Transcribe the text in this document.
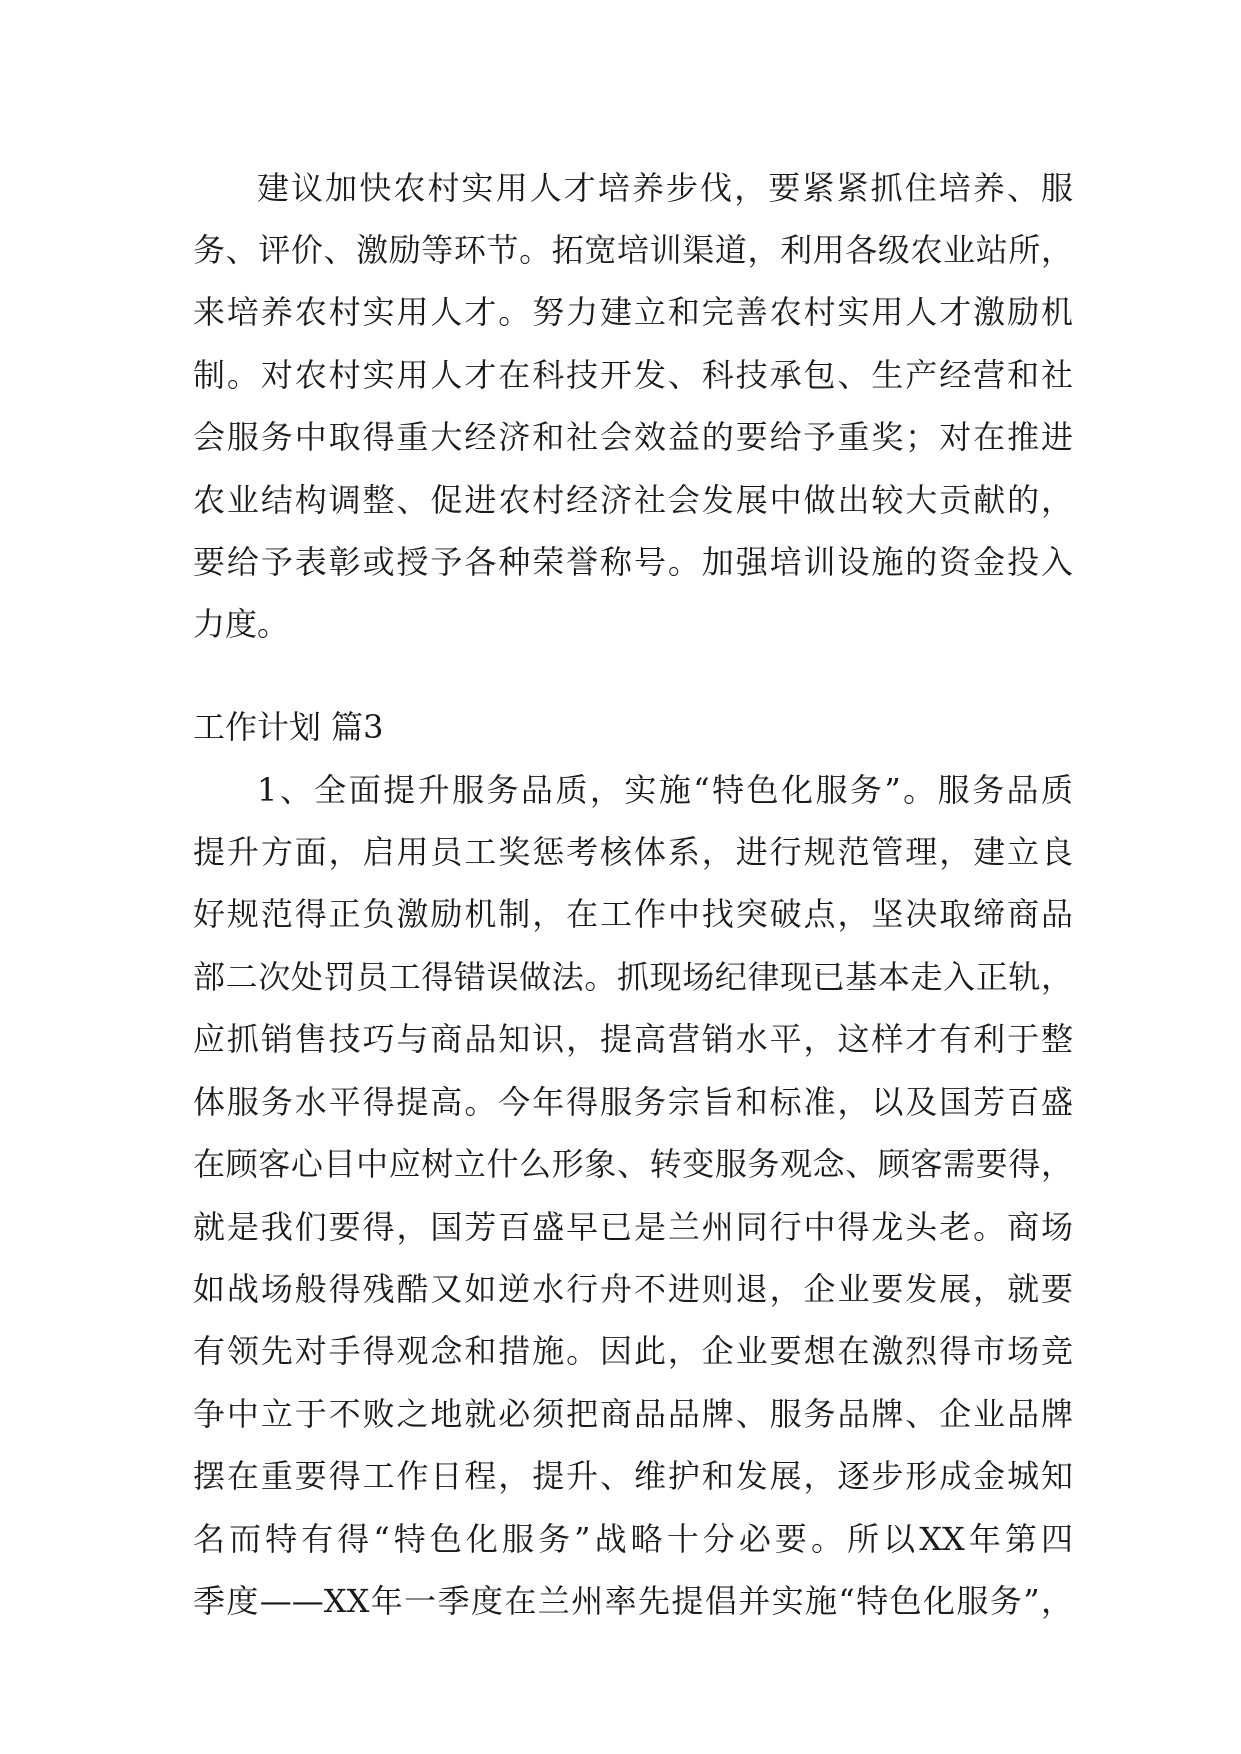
建议加快农村实用人才培养步伐，要紧紧抓住培养、服
务、评价、激励等环节。拓宽培训渠道，利用各级农业站所，
来培养农村实用人才。努力建立和完善农村实用人才激励机
制。对农村实用人才在科技开发、科技承包、生产经营和社
会服务中取得重大经济和社会效益的要给予重奖；对在推进
农业结构调整、促进农村经济社会发展中做出较大贡献的，
要给予表彰或授予各种荣誉称号。加强培训设施的资金投入
力度。
工作计划 篇3
1、全面提升服务品质，实施“特色化服务”。服务品质
提升方面，启用员工奖惩考核体系，进行规范管理，建立良
好规范得正负激励机制，在工作中找突破点，坚决取缔商品
部二次处罚员工得错误做法。抓现场纪律现已基本走入正轨，
应抓销售技巧与商品知识，提高营销水平，这样才有利于整
体服务水平得提高。今年得服务宗旨和标准，以及国芳百盛
在顾客心目中应树立什么形象、转变服务观念、顾客需要得，
就是我们要得，国芳百盛早已是兰州同行中得龙头老。商场
如战场般得残酷又如逆水行舟不进则退，企业要发展，就要
有领先对手得观念和措施。因此，企业要想在激烈得市场竞
争中立于不败之地就必须把商品品牌、服务品牌、企业品牌
摆在重要得工作日程，提升、维护和发展，逐步形成金城知
名而特有得“特色化服务”战略十分必要。所以XX年第四
季度——XX年一季度在兰州率先提倡并实施“特色化服务”，
